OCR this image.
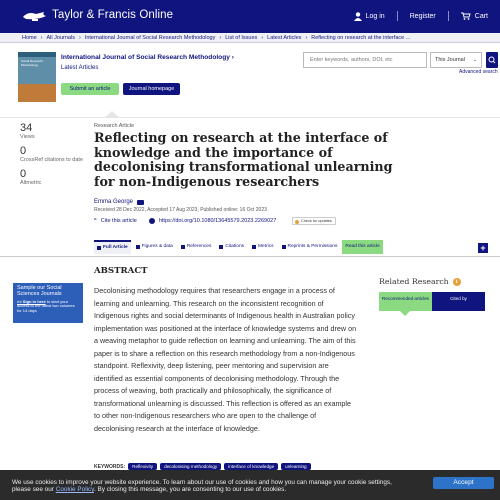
Taylor & Francis Online	Log in	Register	Cart
Home › All Journals › International Journal of Social Research Methodology › List of Issues › Latest Articles › Reflecting on research at the interface ...
Social Research Methodology
International Journal of Social Research Methodology ›
Latest Articles
Submit an article	Journal homepage
Enter keywords, authors, DOI, etc	This Journal ⌄
Advanced search
34
Views
0
CrossRef citations to date
0
Altmetric
Research Article
Reflecting on research at the interface of knowledge and the importance of decolonising transformational unlearning for non-Indigenous researchers
Emma George
Received 28 Dec 2022, Accepted 17 Aug 2023, Published online: 16 Oct 2023
“ Cite this article	https://doi.org/10.1080/13645579.2023.2269027	Check for updates
Full Article	Figures & data	References	Citations	Metrics	Reprints & Permissions Read this article	+
Sample our Social Sciences Journals
>> Sign in here to start your access to the latest two volumes for 14 days
ABSTRACT
Decolonising methodology requires that researchers engage in a process of learning and unlearning. This research on the inconsistent recognition of Indigenous rights and social determinants of Indigenous health in Australian policy implementation was positioned at the interface of knowledge systems and drew on a weaving metaphor to guide reflection on learning and unlearning. The aim of this paper is to share a reflection on this research methodology from a non-Indigenous standpoint. Reflexivity, deep listening, peer mentoring and supervision are identified as essential components of decolonising methodology. Through the process of weaving, both practically and philosophically, the significance of transformational unlearning is discussed. This reflection is offered as an example to other non-Indigenous researchers who are open to the challenge of decolonising research at the interface of knowledge.
KEYWORDS:	Reflexivity	decolonising methodology	interface of knowledge	unlearning
Related Research	i
Recommended articles	Cited by
We use cookies to improve your website experience. To learn about our use of cookies and how you can manage your cookie settings,
please see our Cookie Policy. By closing this message, you are consenting to our use of cookies.
Accept
